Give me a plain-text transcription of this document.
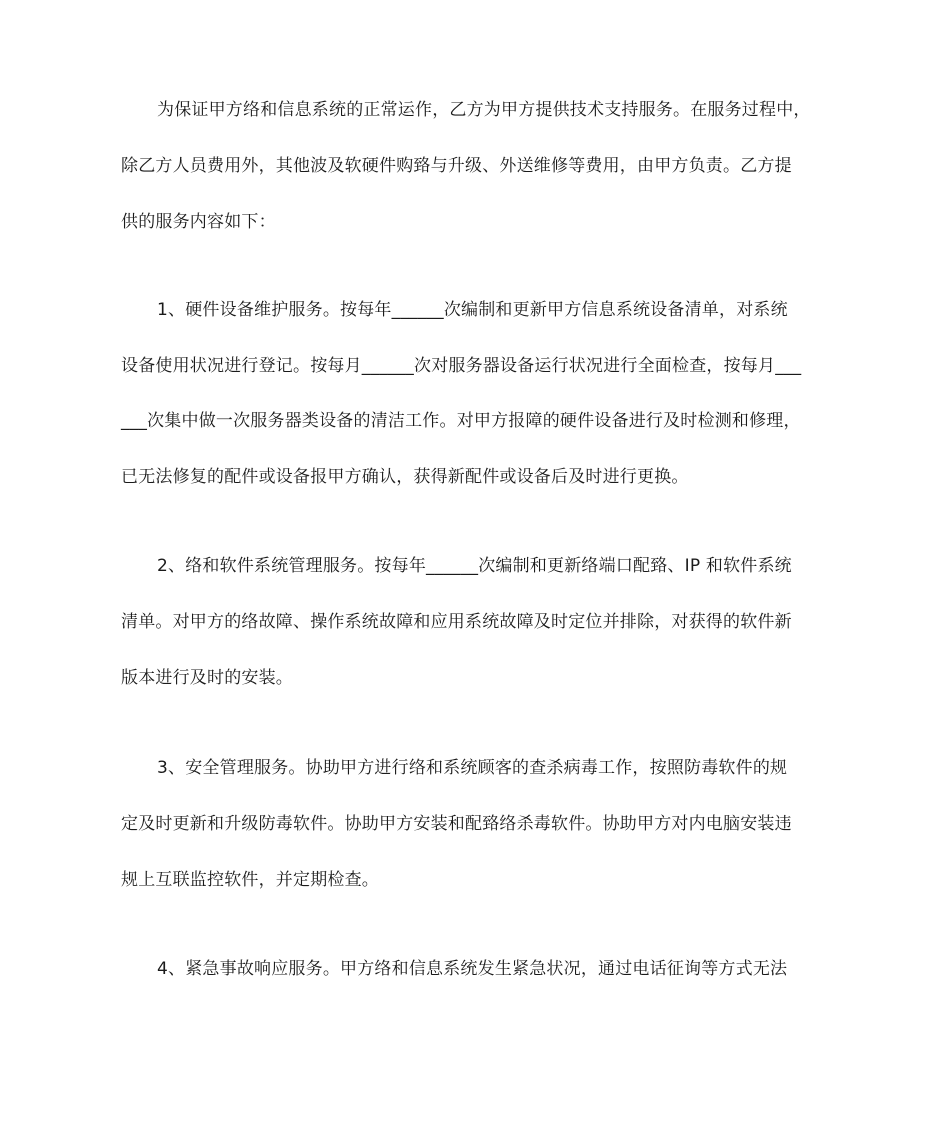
为保证甲方络和信息系统的正常运作，乙方为甲方提供技术支持服务。在服务过程中，
除乙方人员费用外，其他波及软硬件购臵与升级、外送维修等费用，由甲方负责。乙方提
供的服务内容如下：
1、硬件设备维护服务。按每年______次编制和更新甲方信息系统设备清单，对系统
设备使用状况进行登记。按每月______次对服务器设备运行状况进行全面检查，按每月___
___次集中做一次服务器类设备的清洁工作。对甲方报障的硬件设备进行及时检测和修理，
已无法修复的配件或设备报甲方确认，获得新配件或设备后及时进行更换。
2、络和软件系统管理服务。按每年______次编制和更新络端口配臵、IP 和软件系统
清单。对甲方的络故障、操作系统故障和应用系统故障及时定位并排除，对获得的软件新
版本进行及时的安装。
3、安全管理服务。协助甲方进行络和系统顾客的查杀病毒工作，按照防毒软件的规
定及时更新和升级防毒软件。协助甲方安装和配臵络杀毒软件。协助甲方对内电脑安装违
规上互联监控软件，并定期检查。
4、紧急事故响应服务。甲方络和信息系统发生紧急状况，通过电话征询等方式无法
